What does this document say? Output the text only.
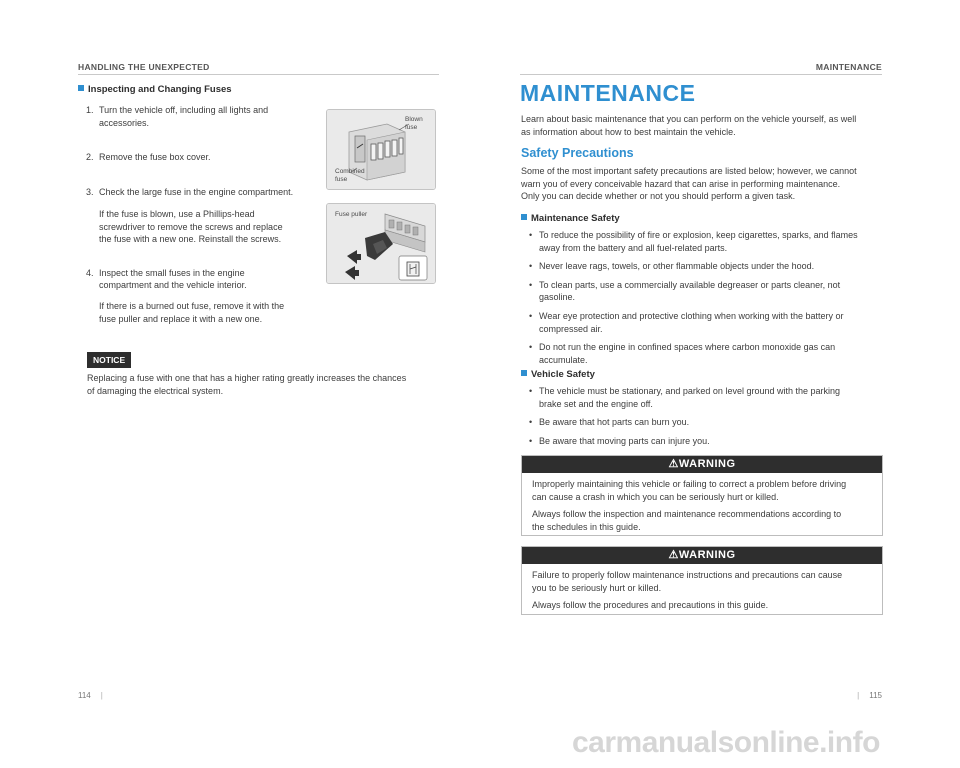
HANDLING THE UNEXPECTED
Inspecting and Changing Fuses
1. Turn the vehicle off, including all lights and
accessories.
2. Remove the fuse box cover.
3. Check the large fuse in the engine compartment.
If the fuse is blown, use a Phillips-head
screwdriver to remove the screws and replace
the fuse with a new one. Reinstall the screws.
4. Inspect the small fuses in the engine
compartment and the vehicle interior.
If there is a burned out fuse, remove it with the
fuse puller and replace it with a new one.
Blown
fuse
Combined
fuse
Fuse puller
NOTICE
Replacing a fuse with one that has a higher rating greatly increases the chances
of damaging the electrical system.
114 |
MAINTENANCE
MAINTENANCE
Learn about basic maintenance that you can perform on the vehicle yourself, as well
as information about how to best maintain the vehicle.
Safety Precautions
Some of the most important safety precautions are listed below; however, we cannot
warn you of every conceivable hazard that can arise in performing maintenance.
Only you can decide whether or not you should perform a given task.
Maintenance Safety
• To reduce the possibility of fire or explosion, keep cigarettes, sparks, and flames
away from the battery and all fuel-related parts.
• Never leave rags, towels, or other flammable objects under the hood.
• To clean parts, use a commercially available degreaser or parts cleaner, not
gasoline.
• Wear eye protection and protective clothing when working with the battery or
compressed air.
• Do not run the engine in confined spaces where carbon monoxide gas can
accumulate.
Vehicle Safety
• The vehicle must be stationary, and parked on level ground with the parking
brake set and the engine off.
• Be aware that hot parts can burn you.
• Be aware that moving parts can injure you.
⚠WARNING

Improperly maintaining this vehicle or failing to correct a problem before driving
can cause a crash in which you can be seriously hurt or killed.

Always follow the inspection and maintenance recommendations according to
the schedules in this guide.

⚠WARNING

Failure to properly follow maintenance instructions and precautions can cause
you to be seriously hurt or killed.

Always follow the procedures and precautions in this guide.

| 115
carmanualsonline.info
